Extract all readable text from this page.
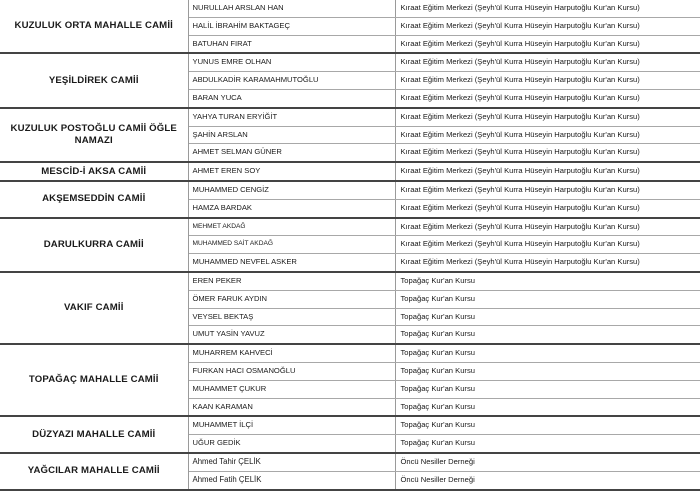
KUZULUK ORTA MAHALLE CAMİİ	NURULLAH ARSLAN HAN	Kıraat Eğitim Merkezi (Şeyh'ül Kurra Hüseyin Harputoğlu Kur'an Kursu)
	HALİL İBRAHİM BAKTAGEÇ	Kıraat Eğitim Merkezi (Şeyh'ül Kurra Hüseyin Harputoğlu Kur'an Kursu)
	BATUHAN FIRAT	Kıraat Eğitim Merkezi (Şeyh'ül Kurra Hüseyin Harputoğlu Kur'an Kursu)
YEŞİLDİREK CAMİİ	YUNUS EMRE OLHAN	Kıraat Eğitim Merkezi (Şeyh'ül Kurra Hüseyin Harputoğlu Kur'an Kursu)
	ABDULKADİR KARAMAHMUTOĞLU	Kıraat Eğitim Merkezi (Şeyh'ül Kurra Hüseyin Harputoğlu Kur'an Kursu)
	BARAN YUCA	Kıraat Eğitim Merkezi (Şeyh'ül Kurra Hüseyin Harputoğlu Kur'an Kursu)
KUZULUK POSTOĞLU CAMİİ ÖĞLE NAMAZI	YAHYA TURAN ERYİĞİT	Kıraat Eğitim Merkezi (Şeyh'ül Kurra Hüseyin Harputoğlu Kur'an Kursu)
	ŞAHİN ARSLAN	Kıraat Eğitim Merkezi (Şeyh'ül Kurra Hüseyin Harputoğlu Kur'an Kursu)
	AHMET SELMAN GÜNER	Kıraat Eğitim Merkezi (Şeyh'ül Kurra Hüseyin Harputoğlu Kur'an Kursu)
MESCİD-İ AKSA CAMİİ	AHMET EREN SOY	Kıraat Eğitim Merkezi (Şeyh'ül Kurra Hüseyin Harputoğlu Kur'an Kursu)
AKŞEMSEDDİN CAMİİ	MUHAMMED CENGİZ	Kıraat Eğitim Merkezi (Şeyh'ül Kurra Hüseyin Harputoğlu Kur'an Kursu)
	HAMZA BARDAK	Kıraat Eğitim Merkezi (Şeyh'ül Kurra Hüseyin Harputoğlu Kur'an Kursu)
DARULKURRA CAMİİ	MEHMET AKDAĞ	Kıraat Eğitim Merkezi (Şeyh'ül Kurra Hüseyin Harputoğlu Kur'an Kursu)
	MUHAMMED SAİT AKDAĞ	Kıraat Eğitim Merkezi (Şeyh'ül Kurra Hüseyin Harputoğlu Kur'an Kursu)
	MUHAMMED NEVFEL ASKER	Kıraat Eğitim Merkezi (Şeyh'ül Kurra Hüseyin Harputoğlu Kur'an Kursu)
VAKIF CAMİİ	EREN PEKER	Topağaç Kur'an Kursu
	ÖMER FARUK AYDIN	Topağaç Kur'an Kursu
	VEYSEL BEKTAŞ	Topağaç Kur'an Kursu
	UMUT YASİN YAVUZ	Topağaç Kur'an Kursu
TOPAĞAÇ MAHALLE CAMİİ	MUHARREM KAHVECİ	Topağaç Kur'an Kursu
	FURKAN HACI OSMANOĞLU	Topağaç Kur'an Kursu
	MUHAMMET ÇUKUR	Topağaç Kur'an Kursu
	KAAN KARAMAN	Topağaç Kur'an Kursu
DÜZYAZI MAHALLE CAMİİ	MUHAMMET İLÇİ	Topağaç Kur'an Kursu
	UĞUR GEDİK	Topağaç Kur'an Kursu
YAĞCILAR MAHALLE CAMİİ	Ahmed Tahir ÇELİK	Öncü Nesiller Derneği
	Ahmed Fatih ÇELİK	Öncü Nesiller Derneği
